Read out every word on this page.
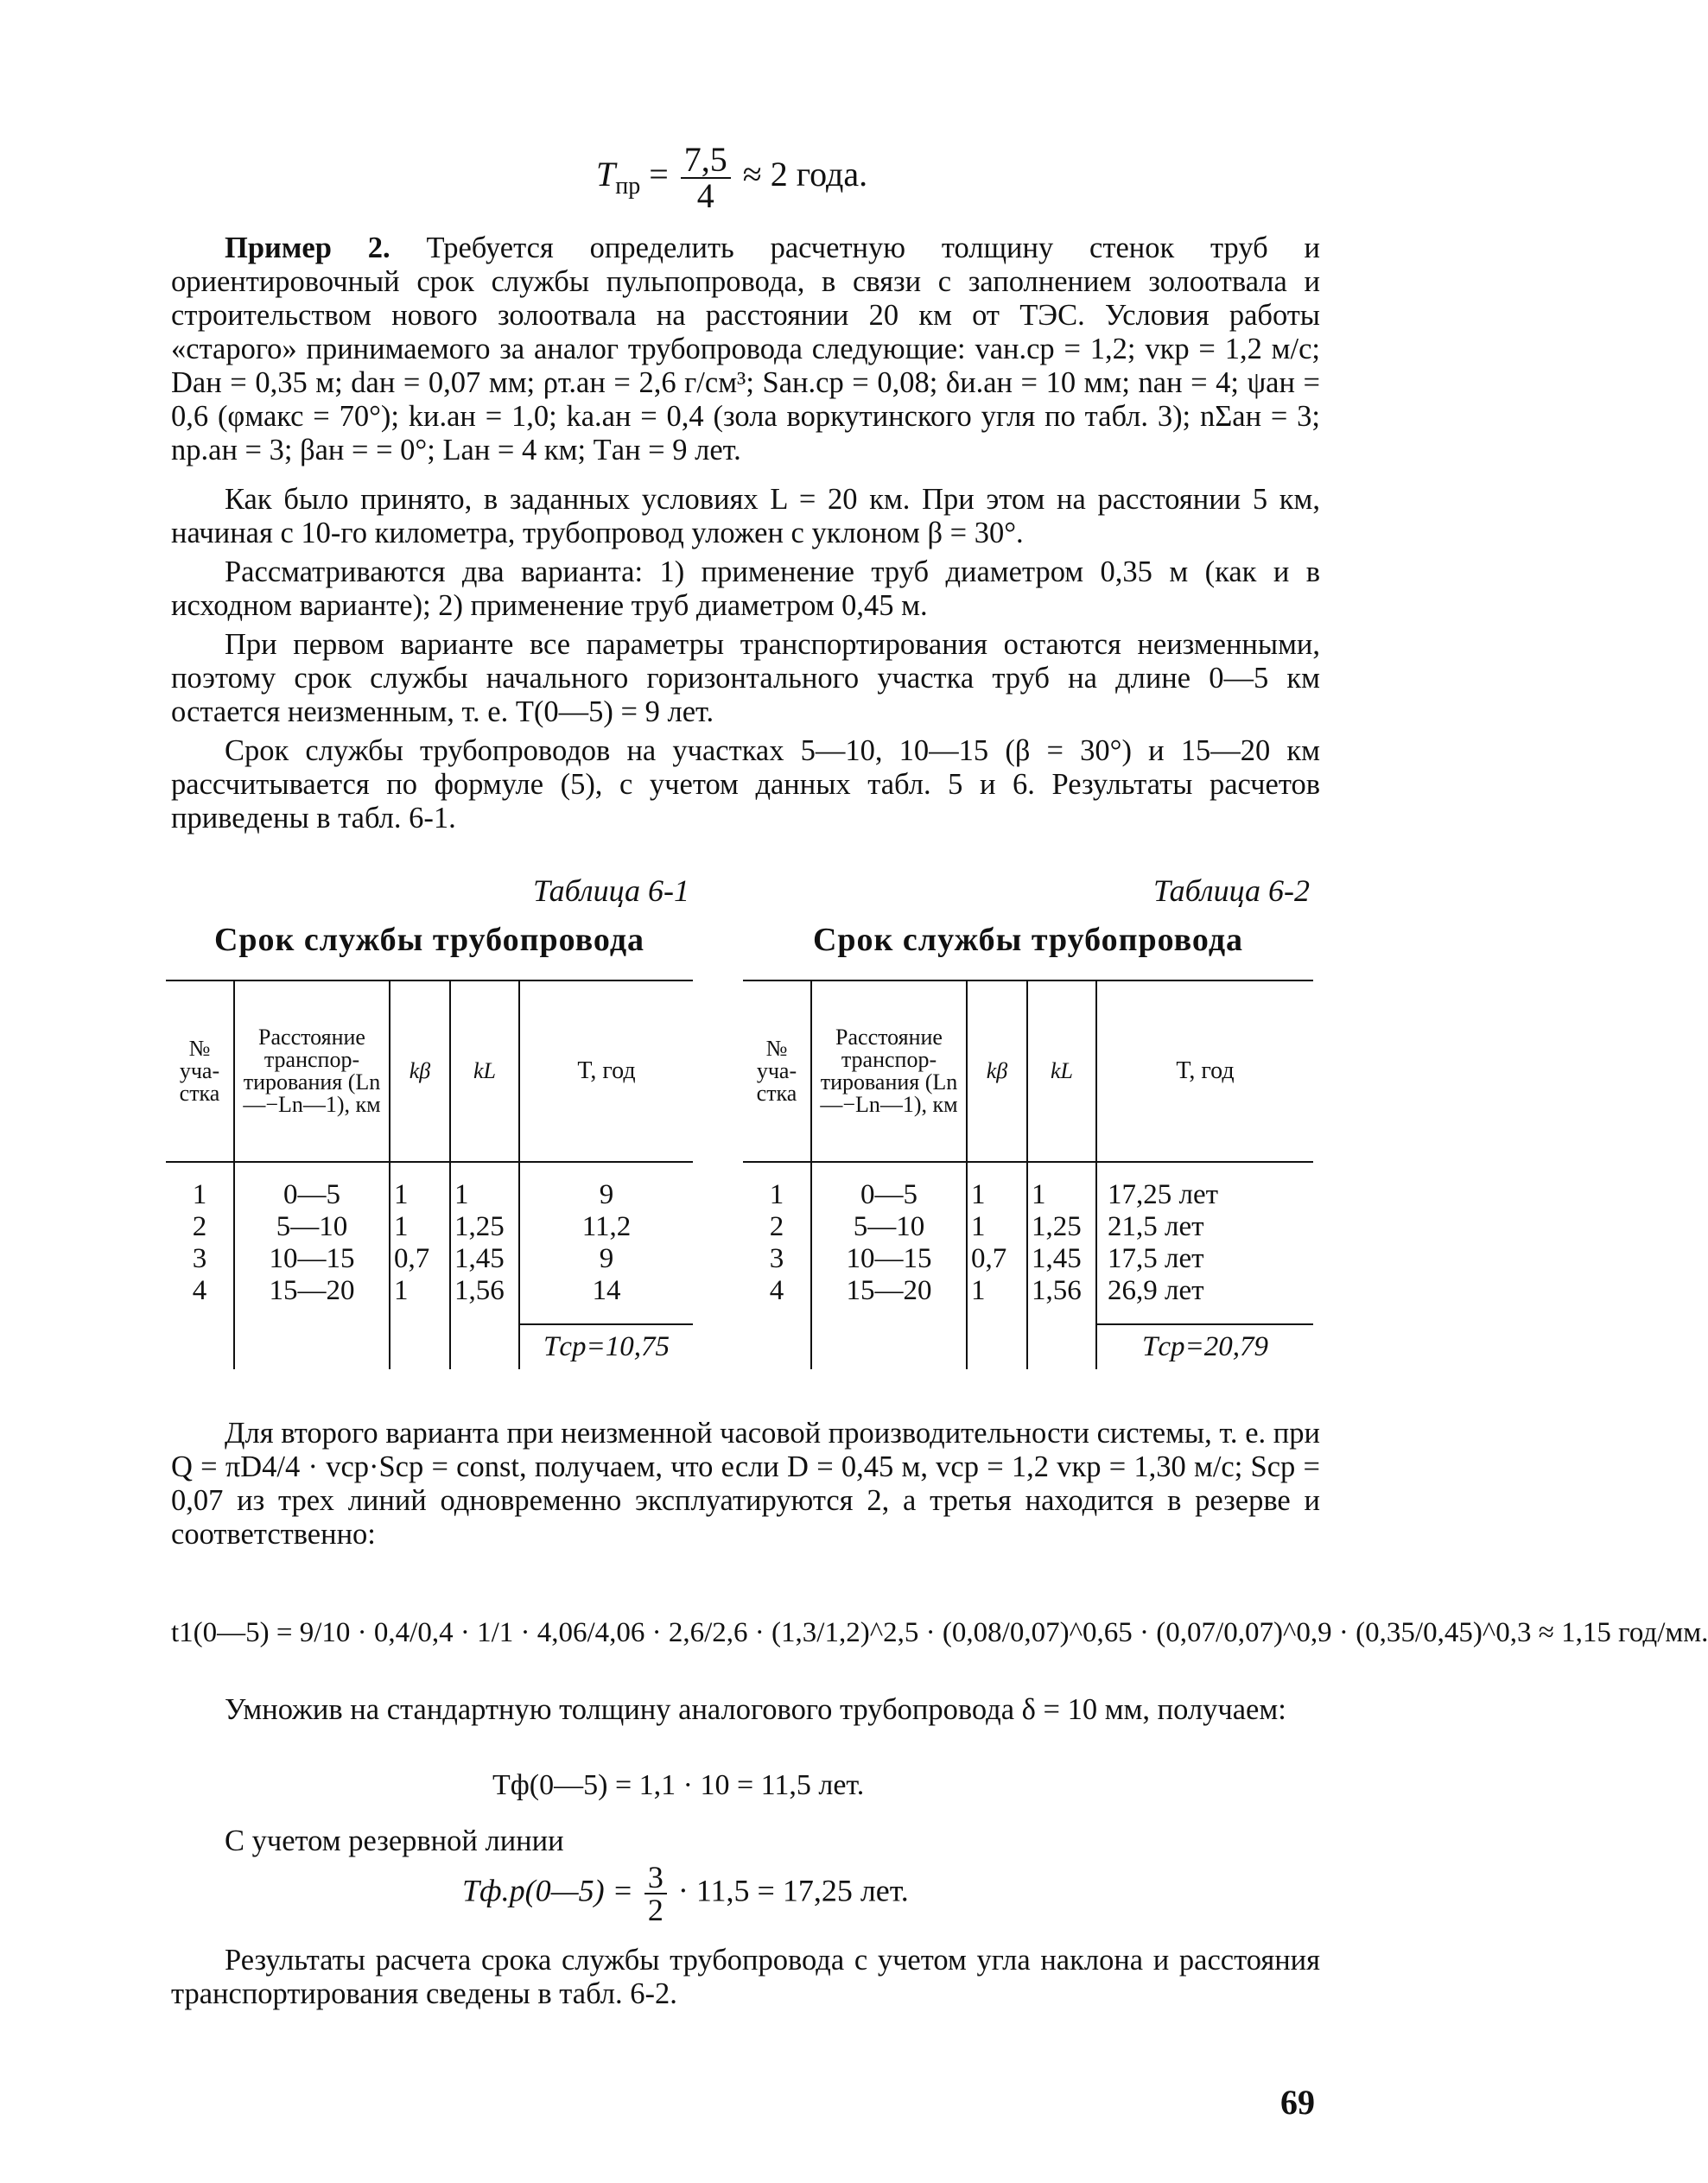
$T_{пр} = \frac{7,5}{4} \approx 2$ года.

Пример 2. Требуется определить расчетную толщину стенок труб и ориентировочный срок службы пульпопровода, в связи с заполнением золоотвала и строительством нового золоотвала на расстоянии 20 км от ТЭС. Условия работы «старого» принимаемого за аналог трубопровода следующие: vан.ср = 1,2; vкр = 1,2 м/с; Dан = 0,35 м; dан = 0,07 мм; ρт.ан = 2,6 г/см³; Sан.ср = 0,08; δи.ан = 10 мм; nан = 4; ψан = 0,6 (φмакс = 70°); kи.ан = 1,0; kа.ан = 0,4 (зола воркутинского угля по табл. 3); nΣан = 3; nр.ан = 3; βан = = 0°; Lан = 4 км; Tан = 9 лет.

Как было принято, в заданных условиях L = 20 км. При этом на расстоянии 5 км, начиная с 10-го километра, трубопровод уложен с уклоном β = 30°.

Рассматриваются два варианта: 1) применение труб диаметром 0,35 м (как и в исходном варианте); 2) применение труб диаметром 0,45 м.

При первом варианте все параметры транспортирования остаются неизменными, поэтому срок службы начального горизонтального участка труб на длине 0—5 км остается неизменным, т. е. T(0—5) = 9 лет.

Срок службы трубопроводов на участках 5—10, 10—15 (β = 30°) и 15—20 км рассчитывается по формуле (5), с учетом данных табл. 5 и 6. Результаты расчетов приведены в табл. 6-1.

Таблица 6-1
Срок службы трубопровода
№ уча-стка	Расстояние транспор-тирования (Ln—−Ln—1), км	kβ	kL	T, год

1	0—5	1	1	9
2	5—10	1	1,25	11,2
3	10—15	0,7	1,45	9
4	15—20	1	1,56	14

				Tср=10,75
Таблица 6-2
Срок службы трубопровода
№ уча-стка	Расстояние транспор-тирования (Ln—−Ln—1), км	kβ	kL	T, год

1	0—5	1	1	17,25 лет
2	5—10	1	1,25	21,5 лет
3	10—15	0,7	1,45	17,5 лет
4	15—20	1	1,56	26,9 лет

				Tср=20,79

Для второго варианта при неизменной часовой производительности системы, т. е. при Q = πD4/4 · vср·Sср = const, получаем, что если D = 0,45 м, vср = 1,2 vкр = 1,30 м/с; Sср = 0,07 из трех линий одновременно эксплуатируются 2, а третья находится в резерве и соответственно:

t1(0—5) = 9/10 · 0,4/0,4 · 1/1 · 4,06/4,06 · 2,6/2,6 · (1,3/1,2)^2,5 · (0,08/0,07)^0,65 · (0,07/0,07)^0,9 · (0,35/0,45)^0,3 ≈ 1,15 год/мм.

Умножив на стандартную толщину аналогового трубопровода δ = 10 мм, получаем:

Tф(0—5) = 1,1 · 10 = 11,5 лет.

С учетом резервной линии

Tф.р(0—5) = $\frac{3}{2} \cdot 11,5 = 17,25$ лет.

Результаты расчета срока службы трубопровода с учетом угла наклона и расстояния транспортирования сведены в табл. 6-2.

69
